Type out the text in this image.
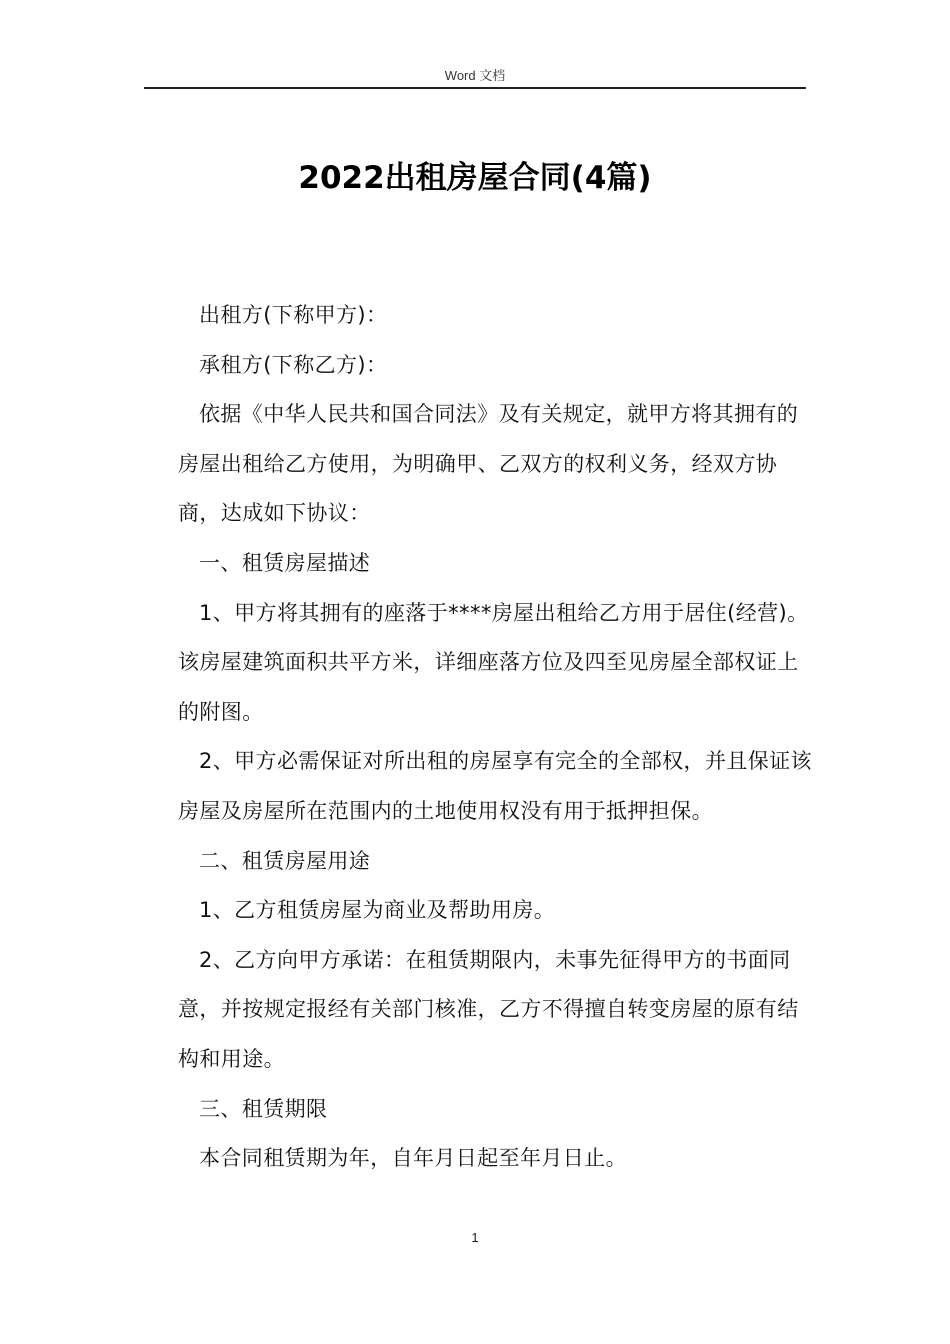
Word 文档
2022出租房屋合同(4篇)

出租方(下称甲方)：

承租方(下称乙方)：

依据《中华人民共和国合同法》及有关规定，就甲方将其拥有的房屋出租给乙方使用，为明确甲、乙双方的权利义务，经双方协商，达成如下协议：

一、租赁房屋描述

1、甲方将其拥有的座落于****房屋出租给乙方用于居住(经营)。该房屋建筑面积共平方米，详细座落方位及四至见房屋全部权证上的附图。

2、甲方必需保证对所出租的房屋享有完全的全部权，并且保证该房屋及房屋所在范围内的土地使用权没有用于抵押担保。

二、租赁房屋用途

1、乙方租赁房屋为商业及帮助用房。

2、乙方向甲方承诺：在租赁期限内，未事先征得甲方的书面同意，并按规定报经有关部门核准，乙方不得擅自转变房屋的原有结构和用途。

三、租赁期限

本合同租赁期为年，自年月日起至年月日止。

1
